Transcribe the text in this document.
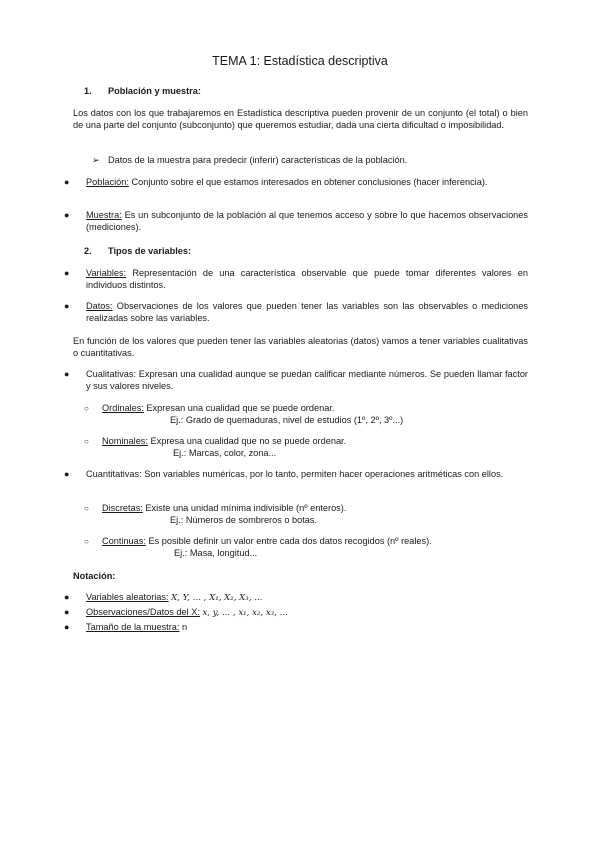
TEMA 1: Estadística descriptiva
1. Población y muestra:
Los datos con los que trabajaremos en Estadística descriptiva pueden provenir de un conjunto (el total) o bien de una parte del conjunto (subconjunto) que queremos estudiar, dada una cierta dificultad o imposibilidad.
➢ Datos de la muestra para predecir (inferir) características de la población.
●	Población: Conjunto sobre el que estamos interesados en obtener conclusiones (hacer inferencia).
●	Muestra: Es un subconjunto de la población al que tenemos acceso y sobre lo que hacemos observaciones (mediciones).
2. Tipos de variables:
●	Variables: Representación de una característica observable que puede tomar diferentes valores en individuos distintos.
●	Datos: Observaciones de los valores que pueden tener las variables son las observables o mediciones realizadas sobre las variables.
En función de los valores que pueden tener las variables aleatorias (datos) vamos a tener variables cualitativas o cuantitativas.
●	Cualitativas: Expresan una cualidad aunque se puedan calificar mediante números. Se pueden llamar factor y sus valores niveles.
○ Ordinales: Expresan una cualidad que se puede ordenar.
Ej.: Grado de quemaduras, nivel de estudios (1º, 2º, 3º...)
○ Nominales: Expresa una cualidad que no se puede ordenar.
Ej.: Marcas, color, zona...
●	Cuantitativas: Son variables numéricas, por lo tanto, permiten hacer operaciones aritméticas con ellos.
○ Discretas: Existe una unidad mínima indivisible (nº enteros).
Ej.: Números de sombreros o botas.
○ Continuas: Es posible definir un valor entre cada dos datos recogidos (nº reales).
Ej.: Masa, longitud...
Notación:
●	Variables aleatorias: X, Y, ... , X₁, X₂, X₃, ...
●	Observaciones/Datos del X: x, y, ... , x₁, x₂, x₃, ...
●	Tamaño de la muestra: n
